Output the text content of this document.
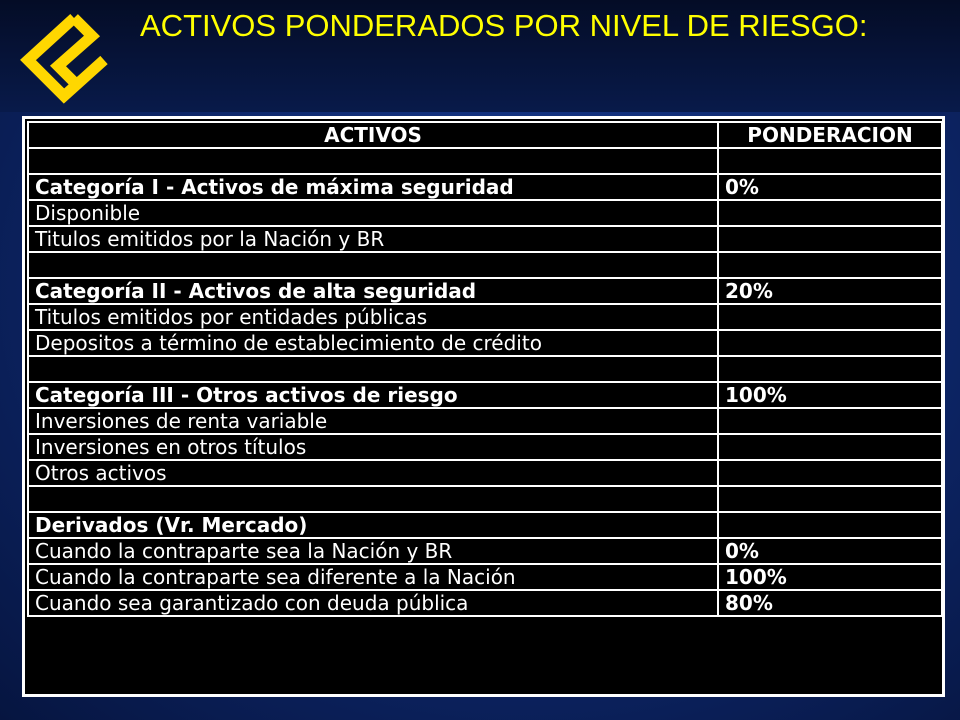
ACTIVOS PONDERADOS POR NIVEL DE RIESGO:
ACTIVOS	PONDERACION

Categoría I - Activos de máxima seguridad	0%
Disponible	
Titulos emitidos por la Nación y BR	

Categoría II - Activos de alta seguridad	20%
Titulos emitidos por entidades públicas	
Depositos a término de establecimiento de crédito	

Categoría III - Otros activos de riesgo	100%
Inversiones de renta variable	
Inversiones en otros títulos	
Otros activos	

Derivados (Vr. Mercado)	
Cuando la contraparte sea la Nación y BR	0%
Cuando la contraparte sea diferente a la Nación	100%
Cuando sea garantizado con deuda pública	80%
